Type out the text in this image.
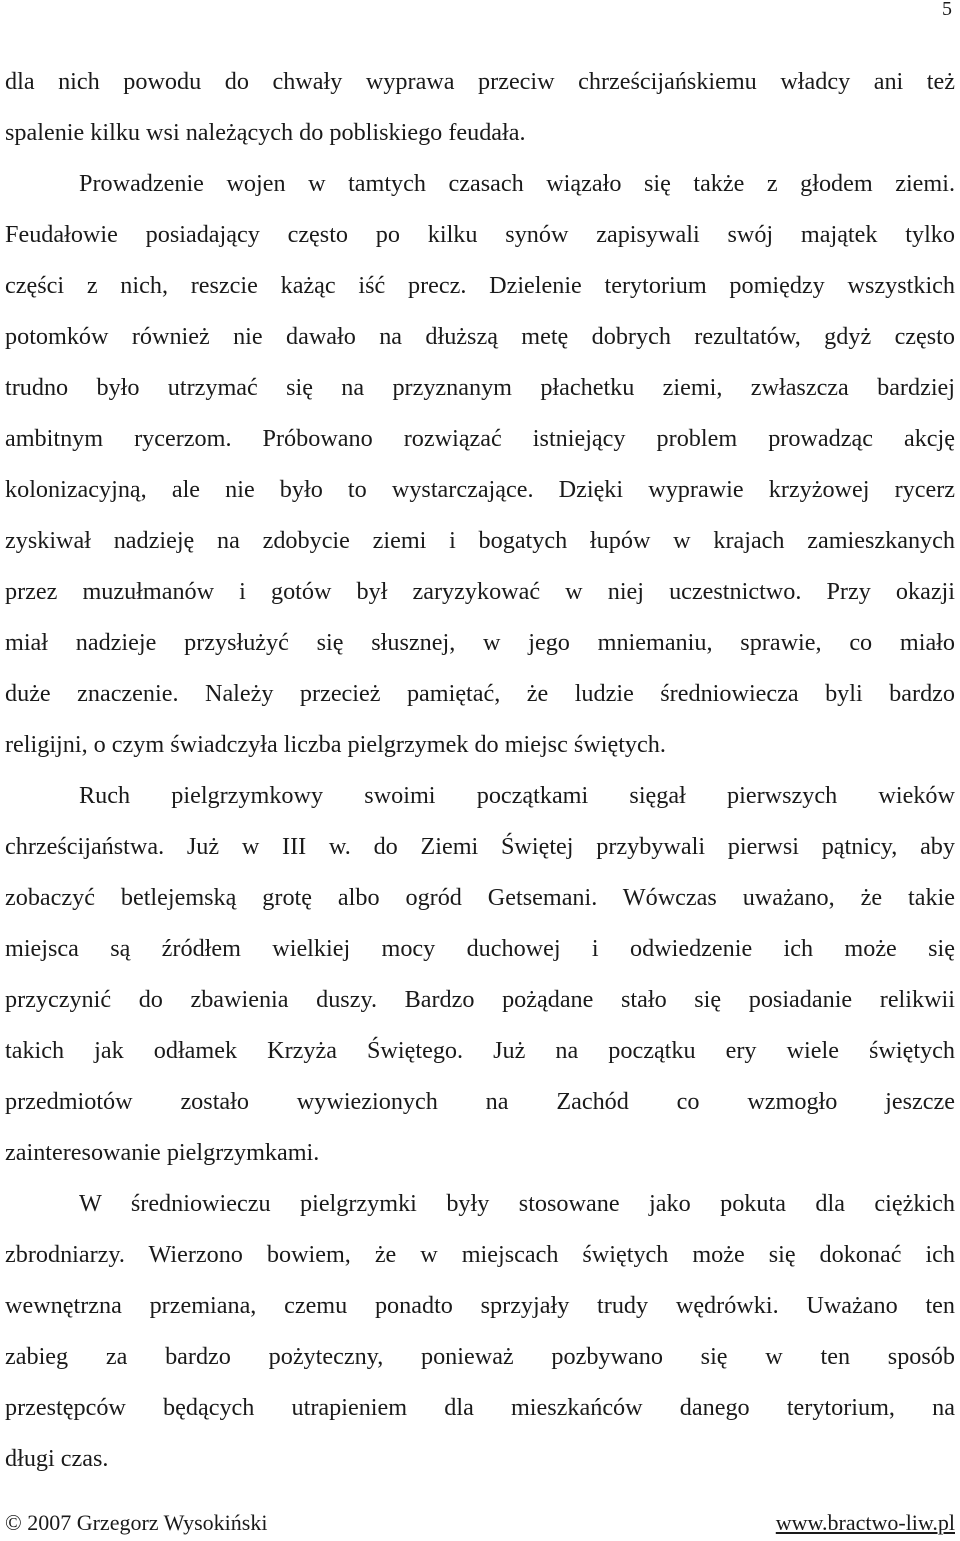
5
dla nich powodu do chwały wyprawa przeciw chrześcijańskiemu władcy ani też
spalenie kilku wsi należących do pobliskiego feudała.
Prowadzenie wojen w tamtych czasach wiązało się także z głodem ziemi.
Feudałowie posiadający często po kilku synów zapisywali swój majątek tylko
części z nich, reszcie każąc iść precz. Dzielenie terytorium pomiędzy wszystkich
potomków również nie dawało na dłuższą metę dobrych rezultatów, gdyż często
trudno było utrzymać się na przyznanym płachetku ziemi, zwłaszcza bardziej
ambitnym rycerzom. Próbowano rozwiązać istniejący problem prowadząc akcję
kolonizacyjną, ale nie było to wystarczające. Dzięki wyprawie krzyżowej rycerz
zyskiwał nadzieję na zdobycie ziemi i bogatych łupów w krajach zamieszkanych
przez muzułmanów i gotów był zaryzykować w niej uczestnictwo. Przy okazji
miał nadzieje przysłużyć się słusznej, w jego mniemaniu, sprawie, co miało
duże znaczenie. Należy przecież pamiętać, że ludzie średniowiecza byli bardzo
religijni, o czym świadczyła liczba pielgrzymek do miejsc świętych.
Ruch pielgrzymkowy swoimi początkami sięgał pierwszych wieków
chrześcijaństwa. Już w III w. do Ziemi Świętej przybywali pierwsi pątnicy, aby
zobaczyć betlejemską grotę albo ogród Getsemani. Wówczas uważano, że takie
miejsca są źródłem wielkiej mocy duchowej i odwiedzenie ich może się
przyczynić do zbawienia duszy. Bardzo pożądane stało się posiadanie relikwii
takich jak odłamek Krzyża Świętego. Już na początku ery wiele świętych
przedmiotów zostało wywiezionych na Zachód co wzmogło jeszcze
zainteresowanie pielgrzymkami.
W średniowieczu pielgrzymki były stosowane jako pokuta dla ciężkich
zbrodniarzy. Wierzono bowiem, że w miejscach świętych może się dokonać ich
wewnętrzna przemiana, czemu ponadto sprzyjały trudy wędrówki. Uważano ten
zabieg za bardzo pożyteczny, ponieważ pozbywano się w ten sposób
przestępców będących utrapieniem dla mieszkańców danego terytorium, na
długi czas.
© 2007 Grzegorz Wysokiński	www.bractwo-liw.pl
